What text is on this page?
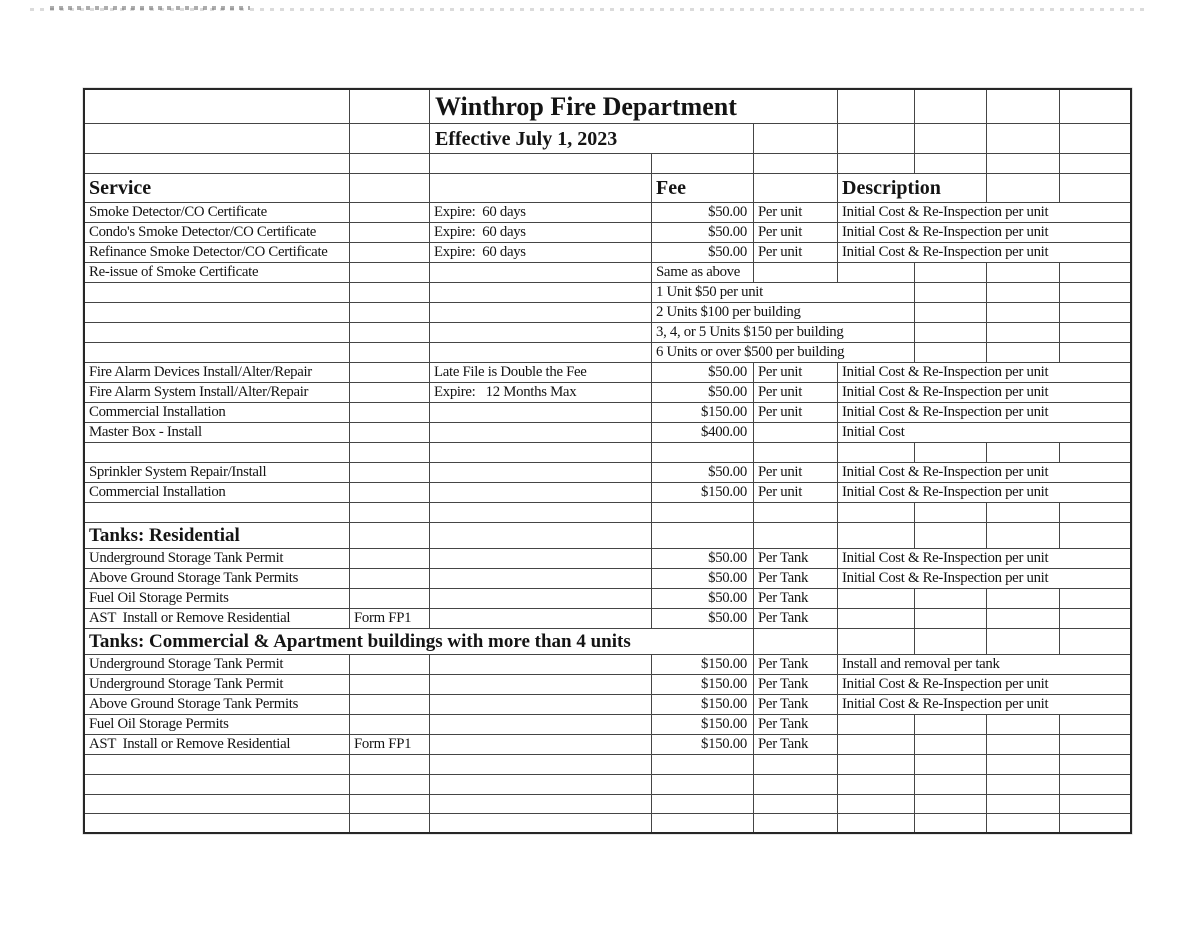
Winthrop Fire Department
Effective July 1, 2023
Service	Fee	Description
Smoke Detector/CO Certificate	Expire:  60 days	$50.00 Per unit	Initial Cost & Re-Inspection per unit
Condo's Smoke Detector/CO Certificate	Expire:  60 days	$50.00 Per unit	Initial Cost & Re-Inspection per unit
Refinance Smoke Detector/CO Certificate	Expire:  60 days	$50.00 Per unit	Initial Cost & Re-Inspection per unit
Re-issue of Smoke Certificate	Same as above
1 Unit $50 per unit
2 Units $100 per building
3, 4, or 5 Units $150 per building
6 Units or over $500 per building
Fire Alarm Devices Install/Alter/Repair	Late File is Double the Fee	$50.00 Per unit	Initial Cost & Re-Inspection per unit
Fire Alarm System Install/Alter/Repair	Expire:   12 Months Max	$50.00 Per unit	Initial Cost & Re-Inspection per unit
Commercial Installation	$150.00 Per unit	Initial Cost & Re-Inspection per unit
Master Box - Install	$400.00	Initial Cost
Sprinkler System Repair/Install	$50.00 Per unit	Initial Cost & Re-Inspection per unit
Commercial Installation	$150.00 Per unit	Initial Cost & Re-Inspection per unit
Tanks: Residential
Underground Storage Tank Permit	$50.00 Per Tank	Initial Cost & Re-Inspection per unit
Above Ground Storage Tank Permits	$50.00 Per Tank	Initial Cost & Re-Inspection per unit
Fuel Oil Storage Permits	$50.00 Per Tank
AST  Install or Remove Residential	Form FP1	$50.00 Per Tank
Tanks: Commercial & Apartment buildings with more than 4 units
Underground Storage Tank Permit	$150.00 Per Tank	Install and removal per tank
Underground Storage Tank Permit	$150.00 Per Tank	Initial Cost & Re-Inspection per unit
Above Ground Storage Tank Permits	$150.00 Per Tank	Initial Cost & Re-Inspection per unit
Fuel Oil Storage Permits	$150.00 Per Tank
AST  Install or Remove Residential	Form FP1	$150.00 Per Tank
